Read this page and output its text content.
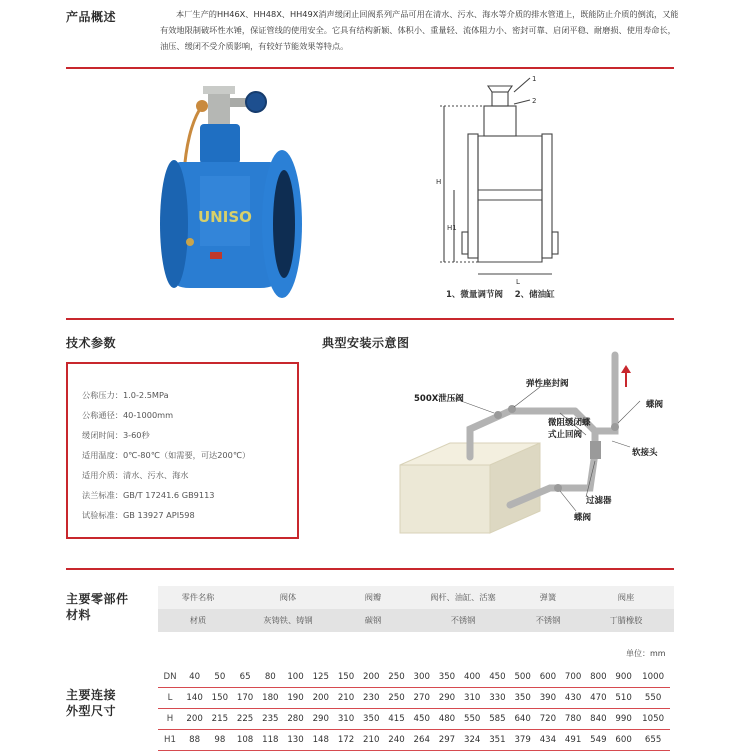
产品概述	本厂生产的HH46X、HH48X、HH49X消声缓闭止回阀系列产品可用在清水、污水、海水等介质的排水管道上，既能防止介质的倒流，又能有效地限制破坏性水锤，保证管线的使用安全。它具有结构新颖、体积小、重量轻、流体阻力小、密封可靠、启闭平稳、耐磨损、使用寿命长，油压、缓闭不受介质影响，有较好节能效果等特点。
UNISO
1
2
H
H1
L
1、微量调节阀    2、储油缸
技术参数
公称压力：1.0-2.5MPa
公称通径：40-1000mm
缓闭时间：3-60秒
适用温度：0℃-80℃（如需要，可达200℃）
适用介质：清水、污水、海水
法兰标准：GB/T 17241.6 GB9113
试验标准：GB 13927 API598
典型安装示意图
500X泄压阀
弹性座封阀
微阻缓闭蝶
式止回阀
蝶阀
软接头
过滤器
蝶阀
主要零部件
材料
零件名称	阀体	阀瓣	阀杆、油缸、活塞	弹簧	阀座
材质	灰铸铁、铸钢	碳钢	不锈钢	不锈钢	丁腈橡胶
单位：mm
主要连接
外型尺寸
DN	40	50	65	80	100	125	150	200	250	300	350	400	450	500	600	700	800	900	1000
L	140	150	170	180	190	200	210	230	250	270	290	310	330	350	390	430	470	510	550
H	200	215	225	235	280	290	310	350	415	450	480	550	585	640	720	780	840	990	1050
H1	88	98	108	118	130	148	172	210	240	264	297	324	351	379	434	491	549	600	655
